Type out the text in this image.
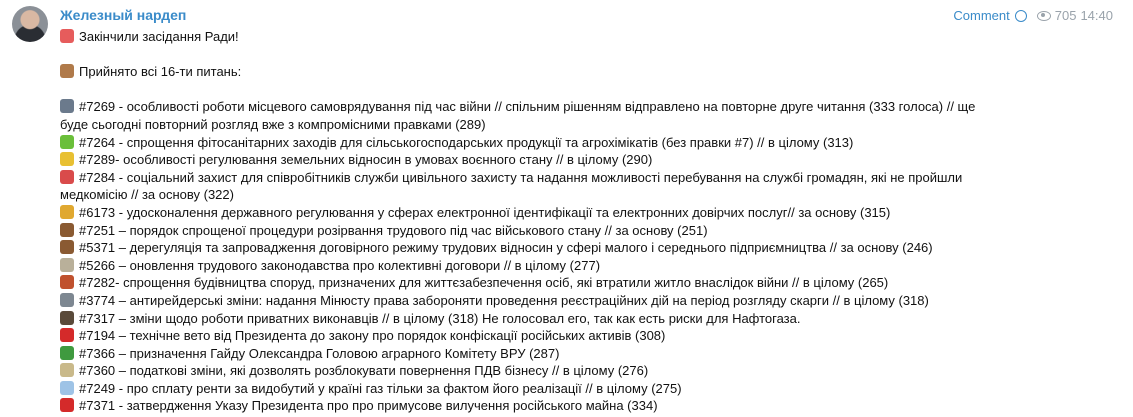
Железный нардеп	Comment	705 14:40
Закінчили засідання Ради!
Прийнято всі 16-ти питань:
#7269 - особливості роботи місцевого самоврядування під час війни // спільним рішенням відправлено на повторне друге читання (333 голоса) // ще
буде сьогодні повторний розгляд вже з компромісними правками (289)
#7264 - спрощення фітосанітарних заходів для сільськогосподарських продукції та агрохімікатів (без правки #7) // в цілому (313)
#7289- особливості регулювання земельних відносин в умовах воєнного стану // в цілому (290)
#7284 - соціальний захист для співробітників служби цивільного захисту та надання можливості перебування на службі громадян, які не пройшли
медкомісію // за основу (322)
#6173 - удосконалення державного регулювання у сферах електронної ідентифікації та електронних довірчих послуг// за основу (315)
#7251 – порядок спрощеної процедури розірвання трудового під час військового стану // за основу (251)
#5371 – дерегуляція та запровадження договірного режиму трудових відносин у сфері малого і середнього підприємництва // за основу (246)
#5266 – оновлення трудового законодавства про колективні договори // в цілому (277)
#7282- спрощення будівництва споруд, призначених для життєзабезпечення осіб, які втратили житло внаслідок війни // в цілому (265)
#3774 – антирейдерські зміни: надання Мінюсту права забороняти проведення реєстраційних дій на період розгляду скарги // в цілому (318)
#7317 – зміни щодо роботи приватних виконавців // в цілому (318) Не голосовал его, так как есть риски для Нафтогаза.
#7194 – технічне вето від Президента до закону про порядок конфіскації російських активів (308)
#7366 – призначення Гайду Олександра Головою аграрного Комітету ВРУ (287)
#7360 – податкові зміни, які дозволять розблокувати повернення ПДВ бізнесу // в цілому (276)
#7249 - про сплату ренти за видобутий у країні газ тільки за фактом його реалізації // в цілому (275)
#7371 - затвердження Указу Президента про про примусове вилучення російського майна (334)
